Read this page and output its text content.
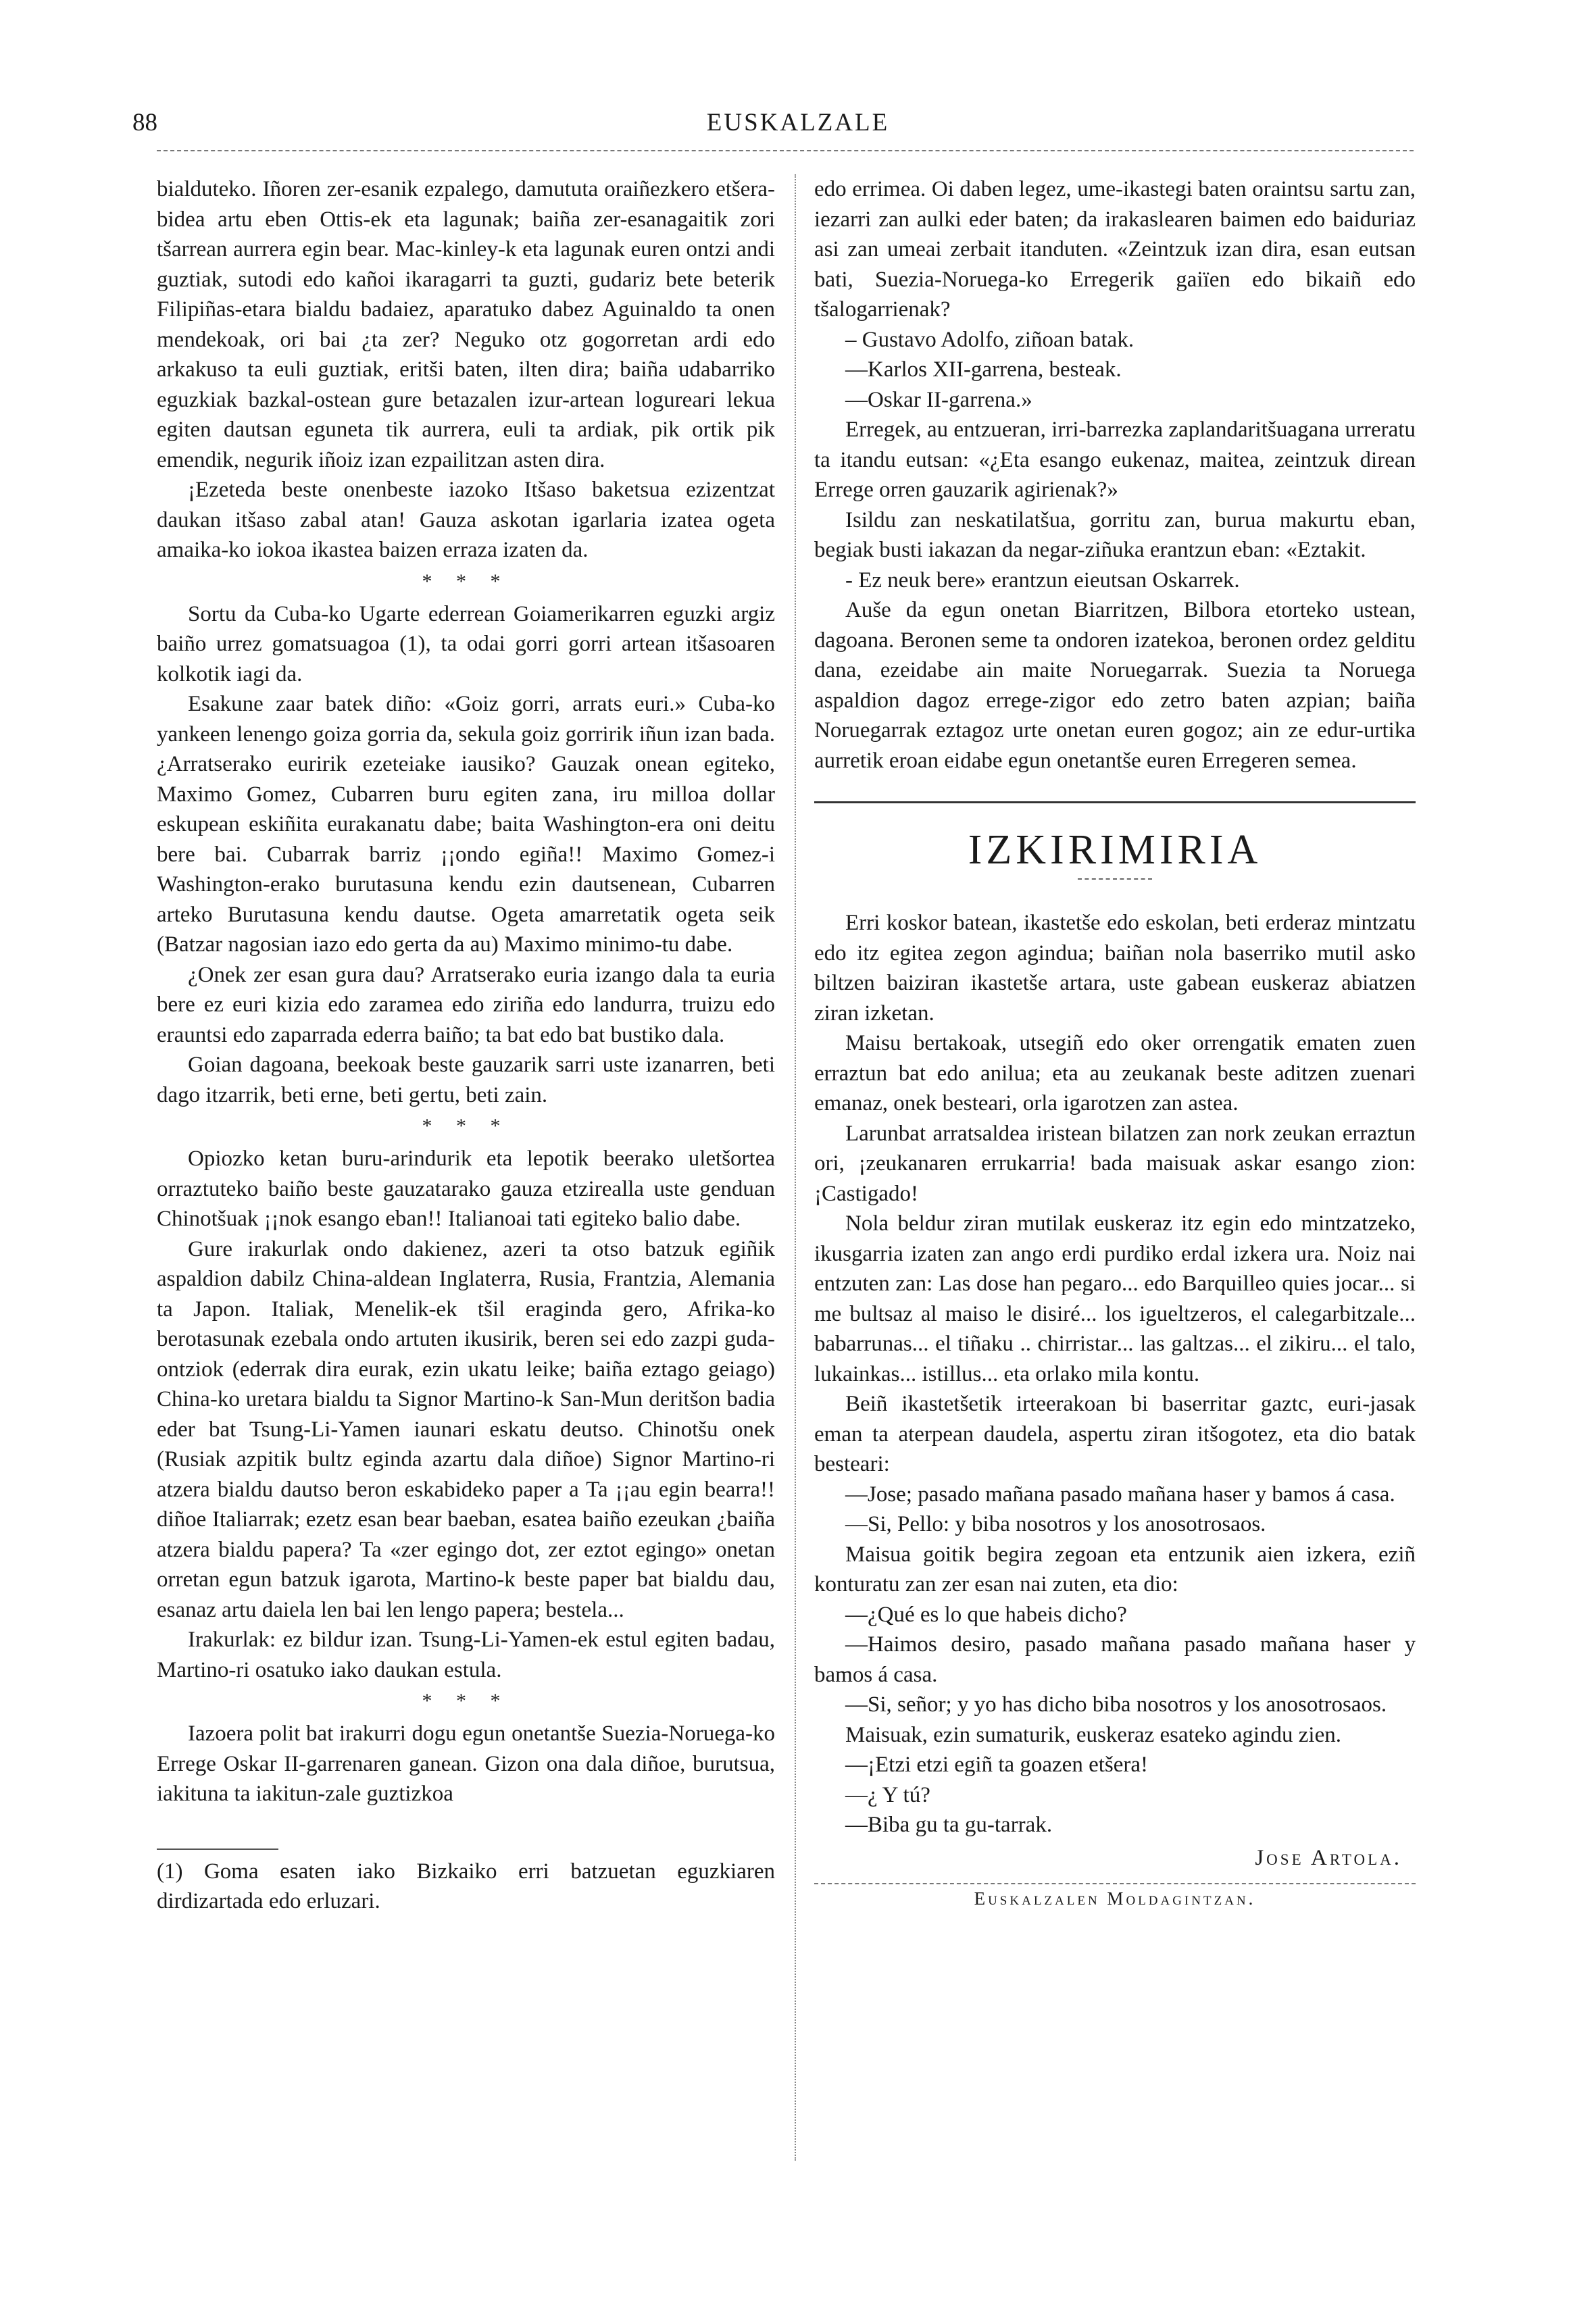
88	EUSKALZALE

bialduteko. Iñoren zer-esanik ezpalego, damututa oraiñezkero etšera-bidea artu eben Ottis-ek eta lagunak; baiña zer-esanagaitik zori tšarrean aurrera egin bear. Mac-kinley-k eta lagunak euren ontzi andi guztiak, sutodi edo kañoi ikaragarri ta guzti, gudariz bete beterik Filipiñas-etara bialdu badaiez, aparatuko dabez Aguinaldo ta onen mendekoak, ori bai ¿ta zer? Neguko otz gogorretan ardi edo arkakuso ta euli guztiak, eritši baten, ilten dira; baiña udabarriko eguzkiak bazkal-ostean gure betazalen izur-artean logureari lekua egiten dautsan eguneta tik aurrera, euli ta ardiak, pik ortik pik emendik, negurik iñoiz izan ezpailitzan asten dira.

¡Ezeteda beste onenbeste iazoko Itšaso baketsua ezizentzat daukan itšaso zabal atan! Gauza askotan igarlaria izatea ogeta amaika-ko iokoa ikastea baizen erraza izaten da.

* * *

Sortu da Cuba-ko Ugarte ederrean Goiamerikarren eguzki argiz baiño urrez gomatsuagoa (1), ta odai gorri gorri artean itšasoaren kolkotik iagi da.

Esakune zaar batek diño: «Goiz gorri, arrats euri.» Cuba-ko yankeen lenengo goiza gorria da, sekula goiz gorririk iñun izan bada. ¿Arratserako euririk ezeteiake iausiko? Gauzak onean egiteko, Maximo Gomez, Cubarren buru egiten zana, iru milloa dollar eskupean eskiñita eurakanatu dabe; baita Washington-era oni deitu bere bai. Cubarrak barriz ¡¡ondo egiña!! Maximo Gomez-i Washington-erako burutasuna kendu ezin dautsenean, Cubarren arteko Burutasuna kendu dautse. Ogeta amarretatik ogeta seik (Batzar nagosian iazo edo gerta da au) Maximo minimo-tu dabe.

¿Onek zer esan gura dau? Arratserako euria izango dala ta euria bere ez euri kizia edo zaramea edo ziriña edo landurra, truizu edo erauntsi edo zaparrada ederra baiño; ta bat edo bat bustiko dala.

Goian dagoana, beekoak beste gauzarik sarri uste izanarren, beti dago itzarrik, beti erne, beti gertu, beti zain.

* * *

Opiozko ketan buru-arindurik eta lepotik beerako uletšortea orraztuteko baiño beste gauzatarako gauza etzirealla uste genduan Chinotšuak ¡¡nok esango eban!! Italianoai tati egiteko balio dabe.

Gure irakurlak ondo dakienez, azeri ta otso batzuk egiñik aspaldion dabilz China-aldean Inglaterra, Rusia, Frantzia, Alemania ta Japon. Italiak, Menelik-ek tšil eraginda gero, Afrika-ko berotasunak ezebala ondo artuten ikusirik, beren sei edo zazpi guda-ontziok (ederrak dira eurak, ezin ukatu leike; baiña eztago geiago) China-ko uretara bialdu ta Signor Martino-k San-Mun deritšon badia eder bat Tsung-Li-Yamen iaunari eskatu deutso. Chinotšu onek (Rusiak azpitik bultz egindа azartu dala diñoe) Signor Martino-ri atzera bialdu dautso beron eskabideko paper a Ta ¡¡au egin bearra!! diñoe Italiarrak; ezetz esan bear baeban, esatea baiño ezeukan ¿baiña atzera bialdu papera? Ta «zer egingo dot, zer eztot egingo» onetan orretan egun batzuk igarota, Martino-k beste paper bat bialdu dau, esanaz artu daiela len bai len lengo papera; bestela...

Irakurlak: ez bildur izan. Tsung-Li-Yamen-ek estul egiten badau, Martino-ri osatuko iako daukan estula.

* * *

Iazoera polit bat irakurri dogu egun onetantše Suezia-Noruega-ko Errege Oskar II-garrenaren ganean. Gizon ona dala diñoe, burutsua, iakituna ta iakitun-zale guztizkoa

(1) Goma esaten iako Bizkaiko erri batzuetan eguzkiaren dirdizartada edo erluzari.

edo errimea. Oi daben legez, ume-ikastegi baten oraintsu sartu zan, iezarri zan aulki eder baten; da irakaslearen baimen edo baiduriaz asi zan umeai zerbait itanduten. «Zeintzuk izan dira, esan eutsan bati, Suezia-Noruega-ko Erregerik gaiïen edo bikaiñ edo tšalogarrienak?

– Gustavo Adolfo, ziñoan batak.

—Karlos XII-garrena, besteak.

—Oskar II-garrena.»

Erregek, au entzueran, irri-barrezka zaplandaritšuagana urreratu ta itandu eutsan: «¿Eta esango eukenaz, maitea, zeintzuk direan Errege orren gauzarik agirienak?»

Isildu zan neskatilatšua, gorritu zan, burua makurtu eban, begiak busti iakazan da negar-ziñuka erantzun eban: «Eztakit.

- Ez neuk bere» erantzun eieutsan Oskarrek.

Auše da egun onetan Biarritzen, Bilbora etorteko ustean, dagoana. Beronen seme ta ondoren izatekoa, beronen ordez gelditu dana, ezeidabe ain maite Noruegarrak. Suezia ta Noruega aspaldion dagoz errege-zigor edo zetro baten azpian; baiña Noruegarrak eztagoz urte onetan euren gogoz; ain ze edur-urtika aurretik eroan eidabe egun onetantše euren Erregeren semea.

IZKIRIMIRIA

Erri koskor batean, ikastetše edo eskolan, beti erderaz mintzatu edo itz egitea zegon agindua; baiñan nola baserriko mutil asko biltzen baiziran ikastetše artara, uste gabean euskeraz abiatzen ziran izketan.

Maisu bertakoak, utsegiñ edo oker orrengatik ematen zuen erraztun bat edo anilua; eta au zeukanak beste aditzen zuenari emanaz, onek besteari, orla igarotzen zan astea.

Larunbat arratsaldea iristean bilatzen zan nork zeukan erraztun ori, ¡zeukanaren errukarria! bada maisuak askar esango zion: ¡Castigado!

Nola beldur ziran mutilak euskeraz itz egin edo mintzatzeko, ikusgarria izaten zan ango erdi purdiko erdal izkera ura. Noiz nai entzuten zan: Las dose han pegaro... edo Barquilleo quies jocar... si me bultsaz al maiso le disiré... los igueltzeros, el calegarbitzale... babarrunas... el tiñaku .. chirristar... las galtzas... el zikiru... el talo, lukainkas... istillus... eta orlako mila kontu.

Beiñ ikastetšetik irteerakoan bi baserritar gaztc, euri-jasak eman ta aterpean daudela, aspertu ziran itšogotez, eta dio batak besteari:

—Jose; pasado mañana pasado mañana haser y bamos á casa.

—Si, Pello: y biba nosotros y los anosotrosaos.

Maisua goitik begira zegoan eta entzunik aien izkera, eziñ konturatu zan zer esan nai zuten, eta dio:

—¿Qué es lo que habeis dicho?

—Haimos desiro, pasado mañana pasado mañana haser y bamos á casa.

—Si, señor; y yo has dicho biba nosotros y los anosotrosaos.

Maisuak, ezin sumaturik, euskeraz esateko agindu zien.

—¡Etzi etzi egiñ ta goazen etšera!

—¿ Y tú?

—Biba gu ta gu-tarrak.

Jose Artola.
Euskalzalen Moldagintzan.
